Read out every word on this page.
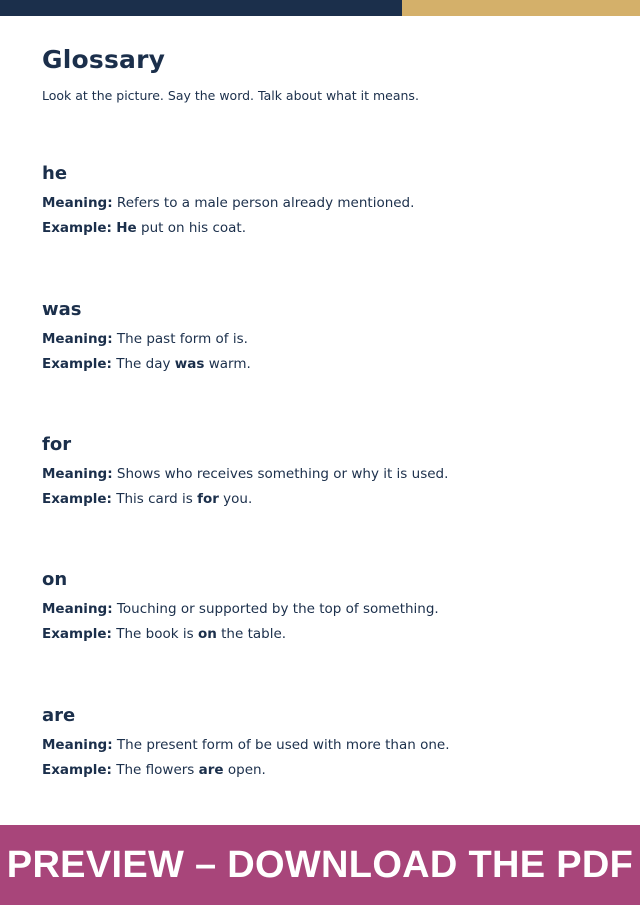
Glossary
Look at the picture. Say the word. Talk about what it means.
he
Meaning: Refers to a male person already mentioned.
Example: He put on his coat.
was
Meaning: The past form of is.
Example: The day was warm.
for
Meaning: Shows who receives something or why it is used.
Example: This card is for you.
on
Meaning: Touching or supported by the top of something.
Example: The book is on the table.
are
Meaning: The present form of be used with more than one.
Example: The flowers are open.
PREVIEW – DOWNLOAD THE PDF
